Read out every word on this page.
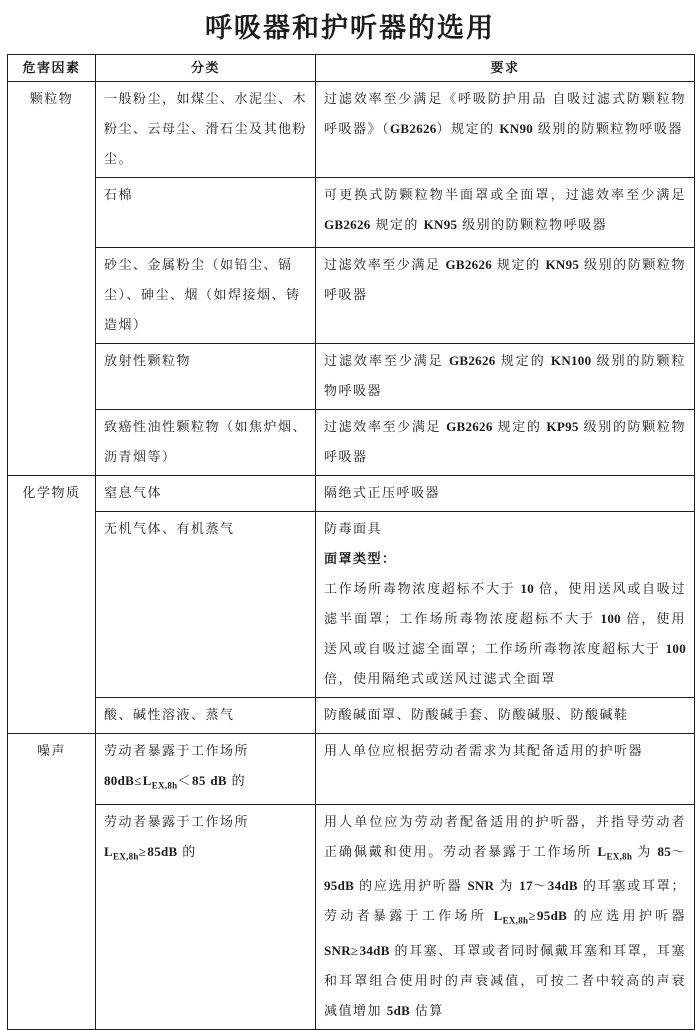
呼吸器和护听器的选用
危害因素	分类	要求
颗粒物	一般粉尘，如煤尘、水泥尘、木粉尘、云母尘、滑石尘及其他粉尘。	过滤效率至少满足《呼吸防护用品 自吸过滤式防颗粒物呼吸器》（GB2626）规定的 KN90 级别的防颗粒物呼吸器

	石棉	可更换式防颗粒物半面罩或全面罩，过滤效率至少满足 GB2626 规定的 KN95 级别的防颗粒物呼吸器

	砂尘、金属粉尘（如铅尘、镉尘）、砷尘、烟（如焊接烟、铸造烟）	过滤效率至少满足 GB2626 规定的 KN95 级别的防颗粒物呼吸器

	放射性颗粒物	过滤效率至少满足 GB2626 规定的 KN100 级别的防颗粒物呼吸器

	致癌性油性颗粒物（如焦炉烟、沥青烟等）	过滤效率至少满足 GB2626 规定的 KP95 级别的防颗粒物呼吸器

化学物质	窒息气体	隔绝式正压呼吸器

	无机气体、有机蒸气	防毒面具
面罩类型：
工作场所毒物浓度超标不大于 10 倍，使用送风或自吸过滤半面罩；工作场所毒物浓度超标不大于 100 倍，使用送风或自吸过滤全面罩；工作场所毒物浓度超标大于 100 倍，使用隔绝式或送风过滤式全面罩

	酸、碱性溶液、蒸气	防酸碱面罩、防酸碱手套、防酸碱服、防酸碱鞋

噪声	劳动者暴露于工作场所
$80dB\le L_{EX,8h}<85$ dB 的	用人单位应根据劳动者需求为其配备适用的护听器

	劳动者暴露于工作场所
$L_{EX,8h}\ge 85dB$ 的	用人单位应为劳动者配备适用的护听器，并指导劳动者正确佩戴和使用。劳动者暴露于工作场所 $L_{EX,8h}$ 为 85～95dB 的应选用护听器 SNR 为 17～34dB 的耳塞或耳罩；劳动者暴露于工作场所 $L_{EX,8h}\ge 95dB$ 的应选用护听器 SNR≥34dB 的耳塞、耳罩或者同时佩戴耳塞和耳罩，耳塞和耳罩组合使用时的声衰减值，可按二者中较高的声衰减值增加 5dB 估算
